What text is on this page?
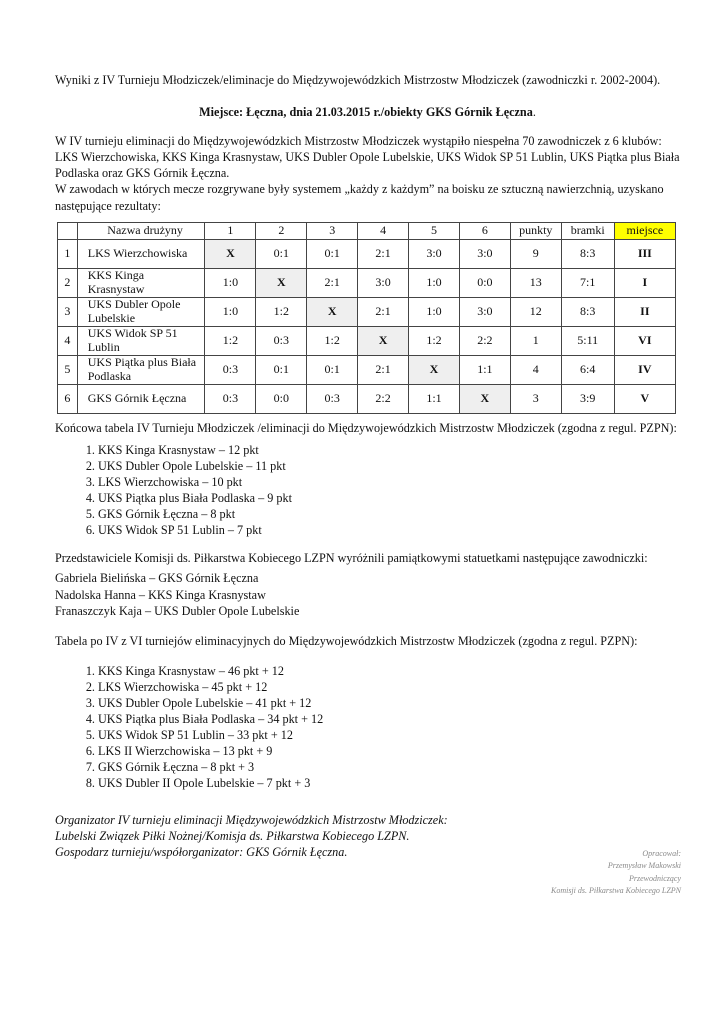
Wyniki z IV Turnieju Młodziczek/eliminacje do Międzywojewódzkich Mistrzostw Młodziczek (zawodniczki r. 2002-2004).

Miejsce: Łęczna, dnia 21.03.2015 r./obiekty GKS Górnik Łęczna.

W IV turnieju eliminacji do Międzywojewódzkich Mistrzostw Młodziczek wystąpiło niespełna 70 zawodniczek z 6 klubów: LKS Wierzchowiska, KKS Kinga Krasnystaw, UKS Dubler Opole Lubelskie, UKS Widok SP 51 Lublin, UKS Piątka plus Biała Podlaska oraz GKS Górnik Łęczna.

W zawodach w których mecze rozgrywane były systemem „każdy z każdym” na boisku ze sztuczną nawierzchnią, uzyskano następujące rezultaty:

	Nazwa drużyny	1	2	3	4	5	6	punkty	bramki	miejsce
1	LKS Wierzchowiska	X	0:1	0:1	2:1	3:0	3:0	9	8:3	III
2	KKS Kinga Krasnystaw	1:0	X	2:1	3:0	1:0	0:0	13	7:1	I
3	UKS Dubler Opole Lubelskie	1:0	1:2	X	2:1	1:0	3:0	12	8:3	II
4	UKS Widok SP 51 Lublin	1:2	0:3	1:2	X	1:2	2:2	1	5:11	VI
5	UKS Piątka plus Biała Podlaska	0:3	0:1	0:1	2:1	X	1:1	4	6:4	IV
6	GKS Górnik Łęczna	0:3	0:0	0:3	2:2	1:1	X	3	3:9	V

Końcowa tabela IV Turnieju Młodziczek /eliminacji do Międzywojewódzkich Mistrzostw Młodziczek (zgodna z regul. PZPN):

1. KKS Kinga Krasnystaw – 12 pkt
2. UKS Dubler Opole Lubelskie – 11 pkt
3. LKS Wierzchowiska – 10 pkt
4. UKS Piątka plus Biała Podlaska – 9 pkt
5. GKS Górnik Łęczna – 8 pkt
6. UKS Widok SP 51 Lublin – 7 pkt

Przedstawiciele Komisji ds. Piłkarstwa Kobiecego LZPN wyróżnili pamiątkowymi statuetkami następujące zawodniczki:

Gabriela Bielińska – GKS Górnik Łęczna
Nadolska Hanna – KKS Kinga Krasnystaw
Franaszczyk Kaja – UKS Dubler Opole Lubelskie

Tabela po IV z VI turniejów eliminacyjnych do Międzywojewódzkich Mistrzostw Młodziczek (zgodna z regul. PZPN):

1. KKS Kinga Krasnystaw – 46 pkt + 12
2. LKS Wierzchowiska – 45 pkt + 12
3. UKS Dubler Opole Lubelskie – 41 pkt + 12
4. UKS Piątka plus Biała Podlaska – 34 pkt + 12
5. UKS Widok SP 51 Lublin – 33 pkt + 12
6. LKS II Wierzchowiska – 13 pkt + 9
7. GKS Górnik Łęczna – 8 pkt + 3
8. UKS Dubler II Opole Lubelskie – 7 pkt + 3
Organizator IV turnieju eliminacji Międzywojewódzkich Mistrzostw Młodziczek:
Lubelski Związek Piłki Nożnej/Komisja ds. Piłkarstwa Kobiecego LZPN.
Gospodarz turnieju/współorganizator: GKS Górnik Łęczna.	Opracował:
Przemysław Makowski
Przewodniczący
Komisji ds. Piłkarstwa Kobiecego LZPN
